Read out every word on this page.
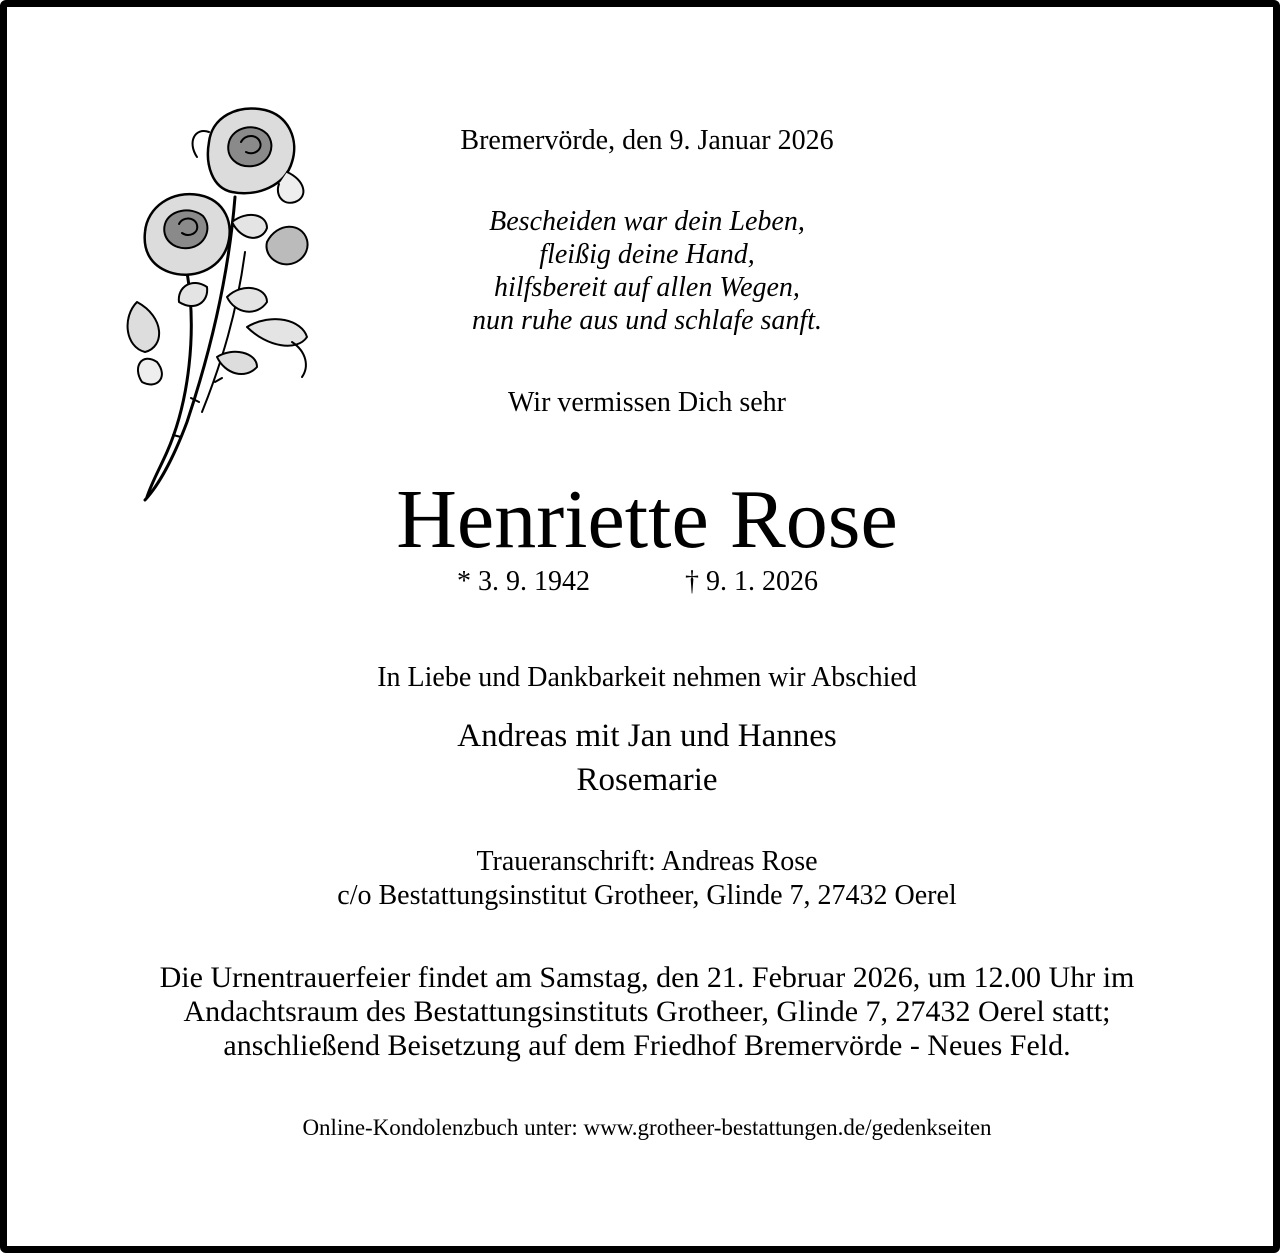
Bremervörde, den 9. Januar 2026
Bescheiden war dein Leben,
fleißig deine Hand,
hilfsbereit auf allen Wegen,
nun ruhe aus und schlafe sanft.
Wir vermissen Dich sehr
Henriette Rose
* 3. 9. 1942	† 9. 1. 2026
In Liebe und Dankbarkeit nehmen wir Abschied
Andreas mit Jan und Hannes
Rosemarie
Traueranschrift: Andreas Rose
c/o Bestattungsinstitut Grotheer, Glinde 7, 27432 Oerel
Die Urnentrauerfeier findet am Samstag, den 21. Februar 2026, um 12.00 Uhr im
Andachtsraum des Bestattungsinstituts Grotheer, Glinde 7, 27432 Oerel statt;
anschließend Beisetzung auf dem Friedhof Bremervörde - Neues Feld.
Online-Kondolenzbuch unter: www.grotheer-bestattungen.de/gedenkseiten
